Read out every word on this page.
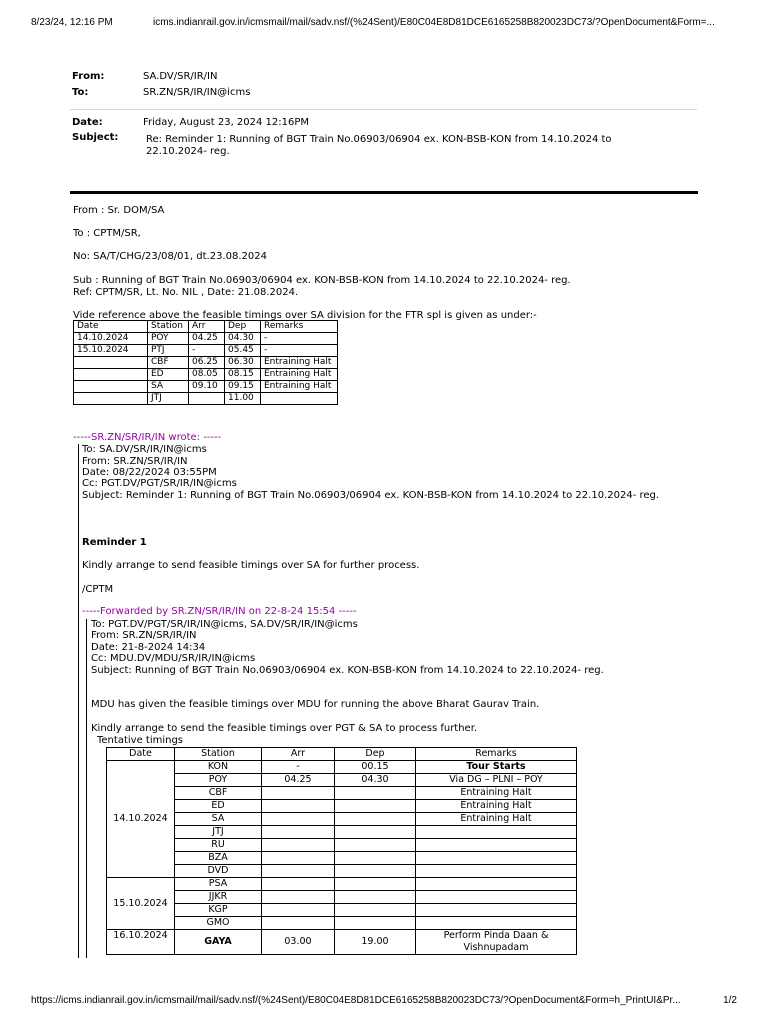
8/23/24, 12:16 PM	icms.indianrail.gov.in/icmsmail/mail/sadv.nsf/(%24Sent)/E80C04E8D81DCE6165258B820023DC73/?OpenDocument&Form=...
From:	SA.DV/SR/IR/IN
To:	SR.ZN/SR/IR/IN@icms
Date:	Friday, August 23, 2024 12:16PM
Subject:	Re: Reminder 1: Running of BGT Train No.06903/06904 ex. KON-BSB-KON from 14.10.2024 to 22.10.2024- reg.
From : Sr. DOM/SA
To : CPTM/SR,
No: SA/T/CHG/23/08/01, dt.23.08.2024
Sub : Running of BGT Train No.06903/06904 ex. KON-BSB-KON from 14.10.2024 to 22.10.2024- reg.
Ref: CPTM/SR, Lt. No. NIL , Date: 21.08.2024.
Vide reference above the feasible timings over SA division for the FTR spl is given as under:-
Date	Station	Arr	Dep	Remarks
14.10.2024	POY	04.25	04.30	-
15.10.2024	PTJ	-	05.45	-
	CBF	06.25	06.30	Entraining Halt
	ED	08.05	08.15	Entraining Halt
	SA	09.10	09.15	Entraining Halt
	JTJ		11.00	
-----SR.ZN/SR/IR/IN wrote: -----
To: SA.DV/SR/IR/IN@icms
From: SR.ZN/SR/IR/IN
Date: 08/22/2024 03:55PM
Cc: PGT.DV/PGT/SR/IR/IN@icms
Subject: Reminder 1: Running of BGT Train No.06903/06904 ex. KON-BSB-KON from 14.10.2024 to 22.10.2024- reg.
Reminder 1
Kindly arrange to send feasible timings over SA for further process.
/CPTM
-----Forwarded by SR.ZN/SR/IR/IN on 22-8-24 15:54 -----
To: PGT.DV/PGT/SR/IR/IN@icms, SA.DV/SR/IR/IN@icms
From: SR.ZN/SR/IR/IN
Date: 21-8-2024 14:34
Cc: MDU.DV/MDU/SR/IR/IN@icms
Subject: Running of BGT Train No.06903/06904 ex. KON-BSB-KON from 14.10.2024 to 22.10.2024- reg.
MDU has given the feasible timings over MDU for running the above Bharat Gaurav Train.
Kindly arrange to send the feasible timings over PGT & SA to process further.
Tentative timings
Date	Station	Arr	Dep	Remarks
14.10.2024	KON	-	00.15	Tour Starts
	POY	04.25	04.30	Via DG – PLNI – POY
	CBF			Entraining Halt
	ED			Entraining Halt
	SA			Entraining Halt
	JTJ			
	RU			
	BZA			
	DVD			
15.10.2024	PSA			
	JJKR			
	KGP			
	GMO			
16.10.2024	GAYA	03.00	19.00	Perform Pinda Daan & Vishnupadam
https://icms.indianrail.gov.in/icmsmail/mail/sadv.nsf/(%24Sent)/E80C04E8D81DCE6165258B820023DC73/?OpenDocument&Form=h_PrintUI&Pr...	1/2
